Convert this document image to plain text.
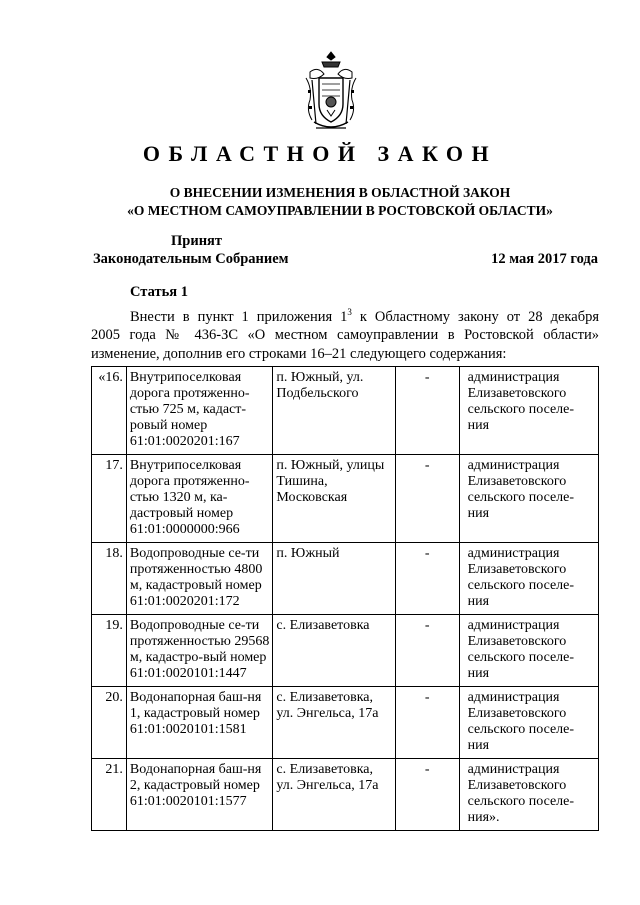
ОБЛАСТНОЙ ЗАКОН
О ВНЕСЕНИИ ИЗМЕНЕНИЯ В ОБЛАСТНОЙ ЗАКОН
«О МЕСТНОМ САМОУПРАВЛЕНИИ В РОСТОВСКОЙ ОБЛАСТИ»
Принят
Законодательным Собранием	12 мая 2017 года
Статья 1
Внести в пункт 1 приложения $1^3$ к Областному закону от 28 декабря
2005 года № 436-ЗС «О местном самоуправлении в Ростовской области»
изменение, дополнив его строками 16–21 следующего содержания:
«16.	Внутрипоселковая дорога протяженно-стью 725 м, кадаст-ровый номер 61:01:0020201:167	п. Южный, ул. Подбельского	-	администрация Елизаветовского сельского поселе-ния
17.	Внутрипоселковая дорога протяженно-стью 1320 м, ка-дастровый номер 61:01:0000000:966	п. Южный, улицы Тишина, Московская	-	администрация Елизаветовского сельского поселе-ния
18.	Водопроводные се-ти протяженностью 4800 м, кадастровый номер 61:01:0020201:172	п. Южный	-	администрация Елизаветовского сельского поселе-ния
19.	Водопроводные се-ти протяженностью 29568 м, кадастро-вый номер 61:01:0020101:1447	с. Елизаветовка	-	администрация Елизаветовского сельского поселе-ния
20.	Водонапорная баш-ня 1, кадастровый номер 61:01:0020101:1581	с. Елизаветовка, ул. Энгельса, 17а	-	администрация Елизаветовского сельского поселе-ния
21.	Водонапорная баш-ня 2, кадастровый номер 61:01:0020101:1577	с. Елизаветовка, ул. Энгельса, 17а	-	администрация Елизаветовского сельского поселе-ния».
